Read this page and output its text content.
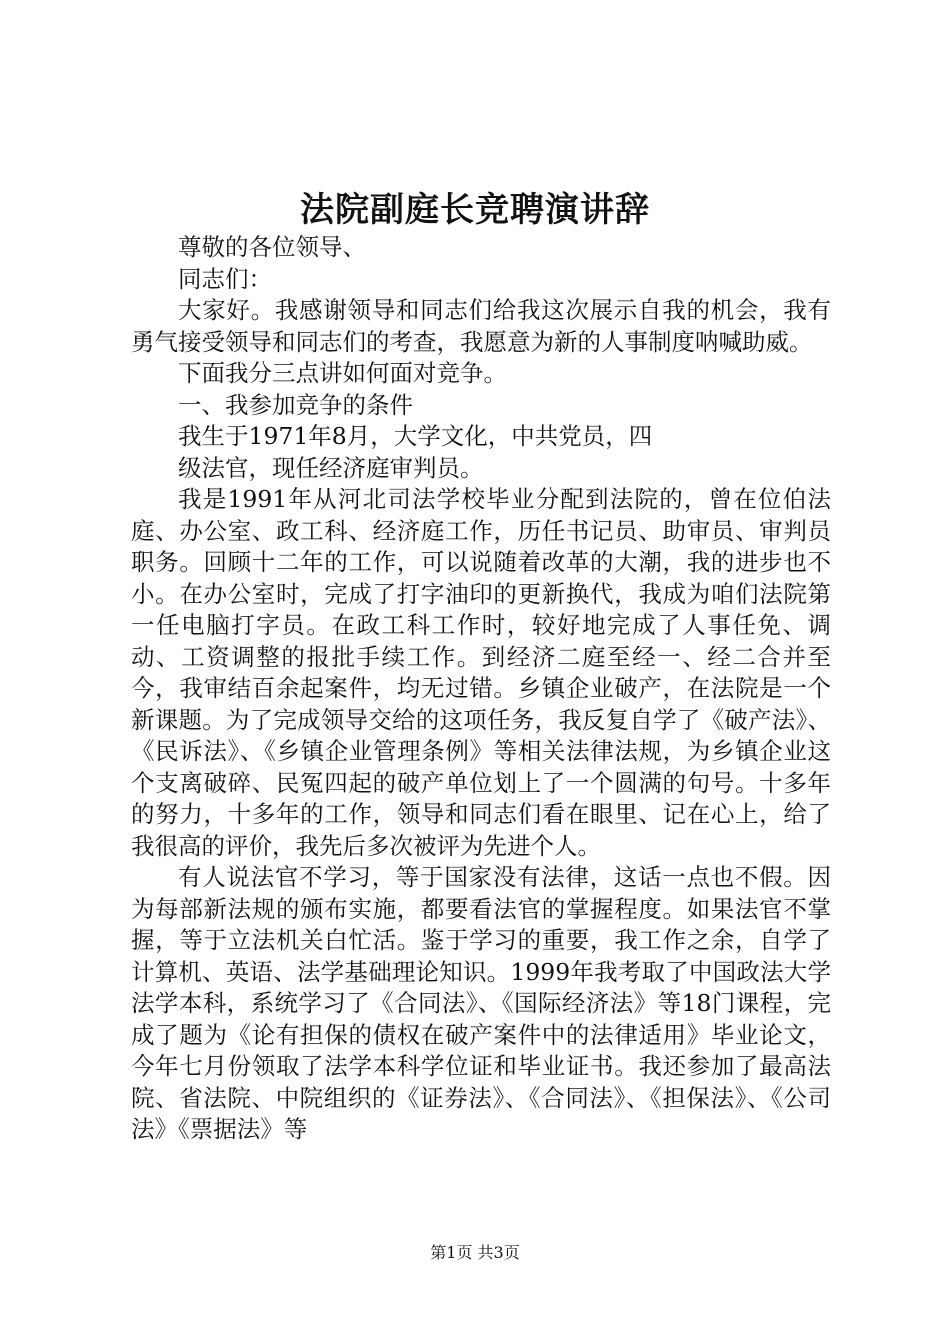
法院副庭长竞聘演讲辞

尊敬的各位领导、

同志们：

大家好。我感谢领导和同志们给我这次展示自我的机会，我有勇气接受领导和同志们的考查，我愿意为新的人事制度呐喊助威。

下面我分三点讲如何面对竞争。

一、我参加竞争的条件

我生于1971年8月，大学文化，中共党员，四

级法官，现任经济庭审判员。

我是1991年从河北司法学校毕业分配到法院的，曾在位伯法庭、办公室、政工科、经济庭工作，历任书记员、助审员、审判员职务。回顾十二年的工作，可以说随着改革的大潮，我的进步也不小。在办公室时，完成了打字油印的更新换代，我成为咱们法院第一任电脑打字员。在政工科工作时，较好地完成了人事任免、调动、工资调整的报批手续工作。到经济二庭至经一、经二合并至今，我审结百余起案件，均无过错。乡镇企业破产，在法院是一个新课题。为了完成领导交给的这项任务，我反复自学了《破产法》、《民诉法》、《乡镇企业管理条例》等相关法律法规，为乡镇企业这个支离破碎、民冤四起的破产单位划上了一个圆满的句号。十多年的努力，十多年的工作，领导和同志们看在眼里、记在心上，给了我很高的评价，我先后多次被评为先进个人。

有人说法官不学习，等于国家没有法律，这话一点也不假。因为每部新法规的颁布实施，都要看法官的掌握程度。如果法官不掌握，等于立法机关白忙活。鉴于学习的重要，我工作之余，自学了计算机、英语、法学基础理论知识。1999年我考取了中国政法大学法学本科，系统学习了《合同法》、《国际经济法》等18门课程，完成了题为《论有担保的债权在破产案件中的法律适用》毕业论文，今年七月份领取了法学本科学位证和毕业证书。我还参加了最高法院、省法院、中院组织的《证券法》、《合同法》、《担保法》、《公司法》《票据法》等

第1页 共3页
